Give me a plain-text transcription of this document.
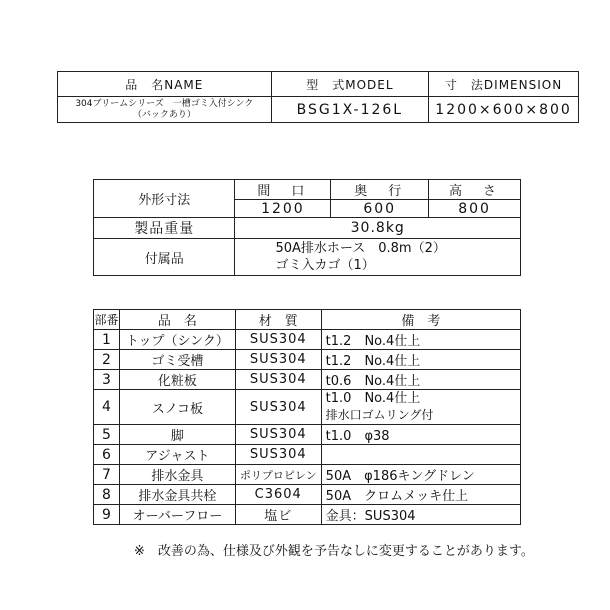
品　名NAME	型　式MODEL	寸　法DIMENSION

304ブリームシリーズ　一槽ゴミ入付シンク
（バックあり）	BSG1X-126L	1200×600×800
外形寸法	間　口	奥　行	高　さ
	1200	600	800
製品重量	30.8kg		
付属品	50A排水ホース　0.8m（2）
ゴミ入カゴ（1）		
部番	品　名	材　質	備　考
1	トップ（シンク）	SUS304	t1.2　No.4仕上
2	ゴミ受槽	SUS304	t1.2　No.4仕上
3	化粧板	SUS304	t0.6　No.4仕上
4	スノコ板	SUS304	t1.0　No.4仕上
排水口ゴムリング付

5	脚	SUS304	t1.0　φ38
6	アジャスト	SUS304	
7	排水金具	ポリプロピレン	50A　φ186キングドレン
8	排水金具共栓	C3604	50A　クロムメッキ仕上
9	オーバーフロー	塩ビ	金具：SUS304
※　改善の為、仕様及び外観を予告なしに変更することがあります。
